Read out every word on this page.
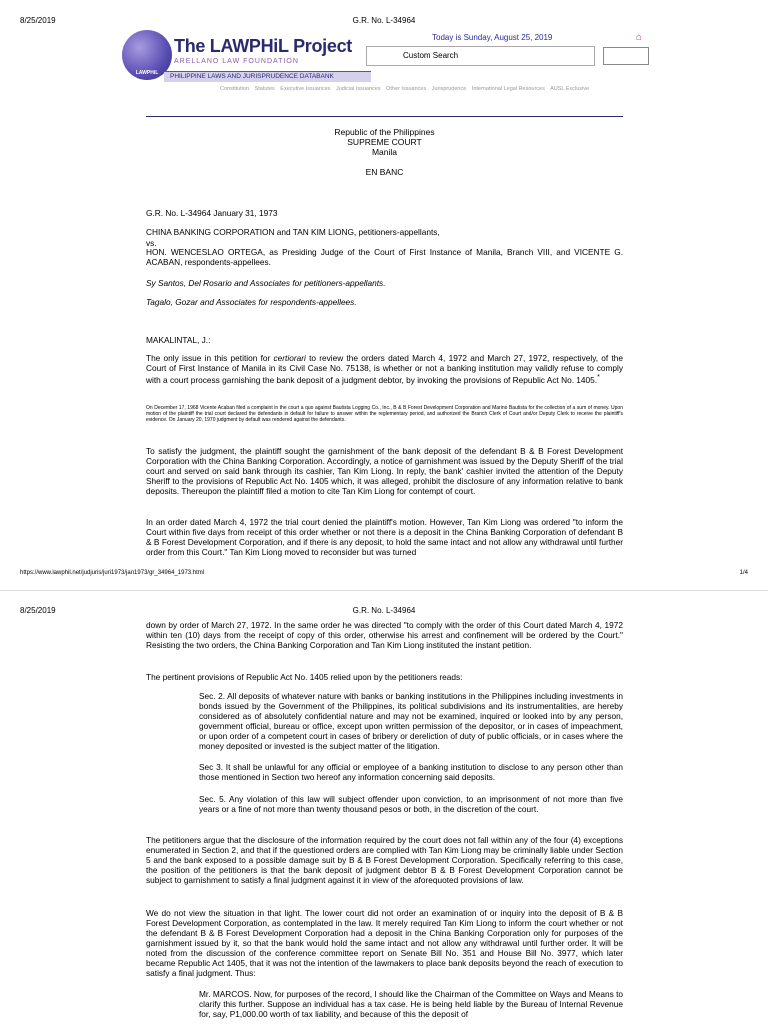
8/25/2019	G.R. No. L-34964
LAWPHiL
The LAWPHiL Project
ARELLANO LAW FOUNDATION
PHILIPPINE LAWS AND JURISPRUDENCE DATABANK
Today is Sunday, August 25, 2019	⌂
Custom Search
Constitution Statutes Executive Issuances Judicial Issuances Other Issuances Jurisprudence International Legal Resources AUSL Exclusive
Republic of the Philippines
SUPREME COURT
Manila
EN BANC
G.R. No. L-34964 January 31, 1973
CHINA BANKING CORPORATION and TAN KIM LIONG, petitioners-appellants,
vs.
HON. WENCESLAO ORTEGA, as Presiding Judge of the Court of First Instance of Manila, Branch VIII, and VICENTE G. ACABAN, respondents-appellees.
Sy Santos, Del Rosario and Associates for petitioners-appellants.
Tagalo, Gozar and Associates for respondents-appellees.
MAKALINTAL, J.:
The only issue in this petition for certiorari to review the orders dated March 4, 1972 and March 27, 1972, respectively, of the Court of First Instance of Manila in its Civil Case No. 75138, is whether or not a banking institution may validly refuse to comply with a court process garnishing the bank deposit of a judgment debtor, by invoking the provisions of Republic Act No. 1405.*
On December 17, 1968 Vicente Acaban filed a complaint in the court a quo against Bautista Logging Co., Inc., B & B Forest Development Corporation and Marino Bautista for the collection of a sum of money. Upon motion of the plaintiff the trial court declared the defendants in default for failure to answer within the reglementary period, and authorized the Branch Clerk of Court and/or Deputy Clerk to receive the plaintiff's evidence. On January 20, 1970 judgment by default was rendered against the defendants.
To satisfy the judgment, the plaintiff sought the garnishment of the bank deposit of the defendant B & B Forest Development Corporation with the China Banking Corporation. Accordingly, a notice of garnishment was issued by the Deputy Sheriff of the trial court and served on said bank through its cashier, Tan Kim Liong. In reply, the bank' cashier invited the attention of the Deputy Sheriff to the provisions of Republic Act No. 1405 which, it was alleged, prohibit the disclosure of any information relative to bank deposits. Thereupon the plaintiff filed a motion to cite Tan Kim Liong for contempt of court.
In an order dated March 4, 1972 the trial court denied the plaintiff's motion. However, Tan Kim Liong was ordered "to inform the Court within five days from receipt of this order whether or not there is a deposit in the China Banking Corporation of defendant B & B Forest Development Corporation, and if there is any deposit, to hold the same intact and not allow any withdrawal until further order from this Court." Tan Kim Liong moved to reconsider but was turned
https://www.lawphil.net/judjuris/juri1973/jan1973/gr_34964_1973.html	1/4
8/25/2019	G.R. No. L-34964
down by order of March 27, 1972. In the same order he was directed "to comply with the order of this Court dated March 4, 1972 within ten (10) days from the receipt of copy of this order, otherwise his arrest and confinement will be ordered by the Court." Resisting the two orders, the China Banking Corporation and Tan Kim Liong instituted the instant petition.
The pertinent provisions of Republic Act No. 1405 relied upon by the petitioners reads:
Sec. 2. All deposits of whatever nature with banks or banking institutions in the Philippines including investments in bonds issued by the Government of the Philippines, its political subdivisions and its instrumentalities, are hereby considered as of absolutely confidential nature and may not be examined, inquired or looked into by any person, government official, bureau or office, except upon written permission of the depositor, or in cases of impeachment, or upon order of a competent court in cases of bribery or dereliction of duty of public officials, or in cases where the money deposited or invested is the subject matter of the litigation.
Sec 3. It shall be unlawful for any official or employee of a banking institution to disclose to any person other than those mentioned in Section two hereof any information concerning said deposits.
Sec. 5. Any violation of this law will subject offender upon conviction, to an imprisonment of not more than five years or a fine of not more than twenty thousand pesos or both, in the discretion of the court.
The petitioners argue that the disclosure of the information required by the court does not fall within any of the four (4) exceptions enumerated in Section 2, and that if the questioned orders are complied with Tan Kim Liong may be criminally liable under Section 5 and the bank exposed to a possible damage suit by B & B Forest Development Corporation. Specifically referring to this case, the position of the petitioners is that the bank deposit of judgment debtor B & B Forest Development Corporation cannot be subject to garnishment to satisfy a final judgment against it in view of the aforequoted provisions of law.
We do not view the situation in that light. The lower court did not order an examination of or inquiry into the deposit of B & B Forest Development Corporation, as contemplated in the law. It merely required Tan Kim Liong to inform the court whether or not the defendant B & B Forest Development Corporation had a deposit in the China Banking Corporation only for purposes of the garnishment issued by it, so that the bank would hold the same intact and not allow any withdrawal until further order. It will be noted from the discussion of the conference committee report on Senate Bill No. 351 and House Bill No. 3977, which later became Republic Act 1405, that it was not the intention of the lawmakers to place bank deposits beyond the reach of execution to satisfy a final judgment. Thus:
Mr. MARCOS. Now, for purposes of the record, I should like the Chairman of the Committee on Ways and Means to clarify this further. Suppose an individual has a tax case. He is being held liable by the Bureau of Internal Revenue for, say, P1,000.00 worth of tax liability, and because of this the deposit of
